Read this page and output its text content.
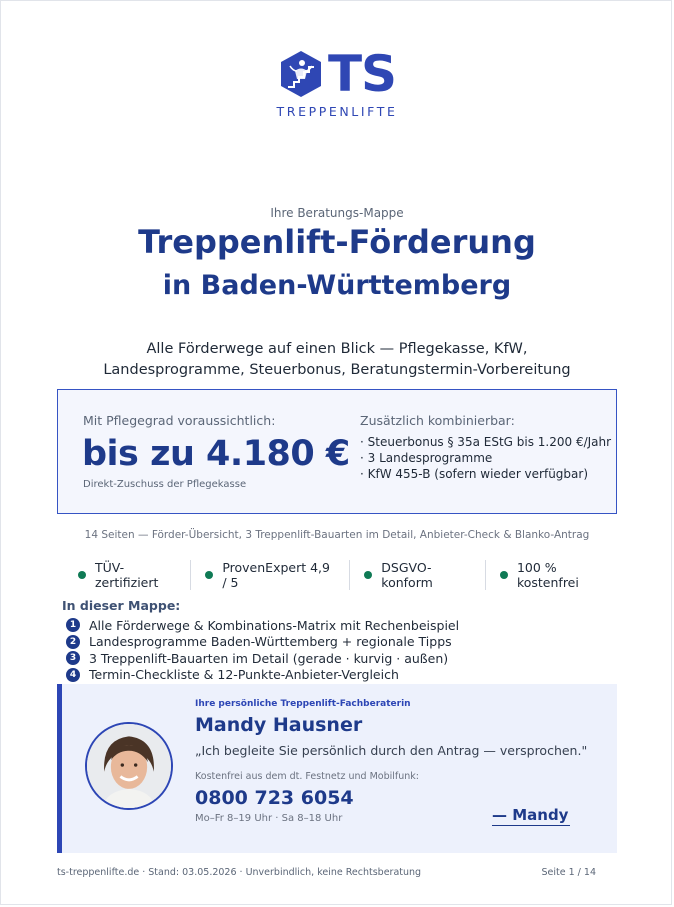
TS
TREPPENLIFTE
Ihre Beratungs-Mappe
Treppenlift-Förderung
in Baden-Württemberg
Alle Förderwege auf einen Blick — Pflegekasse, KfW,
Landesprogramme, Steuerbonus, Beratungstermin-Vorbereitung
Mit Pflegegrad voraussichtlich:
bis zu 4.180 €
Direkt-Zuschuss der Pflegekasse
Zusätzlich kombinierbar:
· Steuerbonus § 35a EStG bis 1.200 €/Jahr
· 3 Landesprogramme
· KfW 455-B (sofern wieder verfügbar)
14 Seiten — Förder-Übersicht, 3 Treppenlift-Bauarten im Detail, Anbieter-Check & Blanko-Antrag
TÜV-zertifiziert
ProvenExpert 4,9 / 5
DSGVO-konform
100 % kostenfrei
In dieser Mappe:
1	Alle Förderwege & Kombinations-Matrix mit Rechenbeispiel
2	Landesprogramme Baden-Württemberg + regionale Tipps
3	3 Treppenlift-Bauarten im Detail (gerade · kurvig · außen)
4	Termin-Checkliste & 12-Punkte-Anbieter-Vergleich
Ihre persönliche Treppenlift-Fachberaterin
Mandy Hausner
„Ich begleite Sie persönlich durch den Antrag — versprochen."
Kostenfrei aus dem dt. Festnetz und Mobilfunk:
0800 723 6054
Mo–Fr 8–19 Uhr · Sa 8–18 Uhr	— Mandy
ts-treppenlifte.de · Stand: 03.05.2026 · Unverbindlich, keine Rechtsberatung	Seite 1 / 14
